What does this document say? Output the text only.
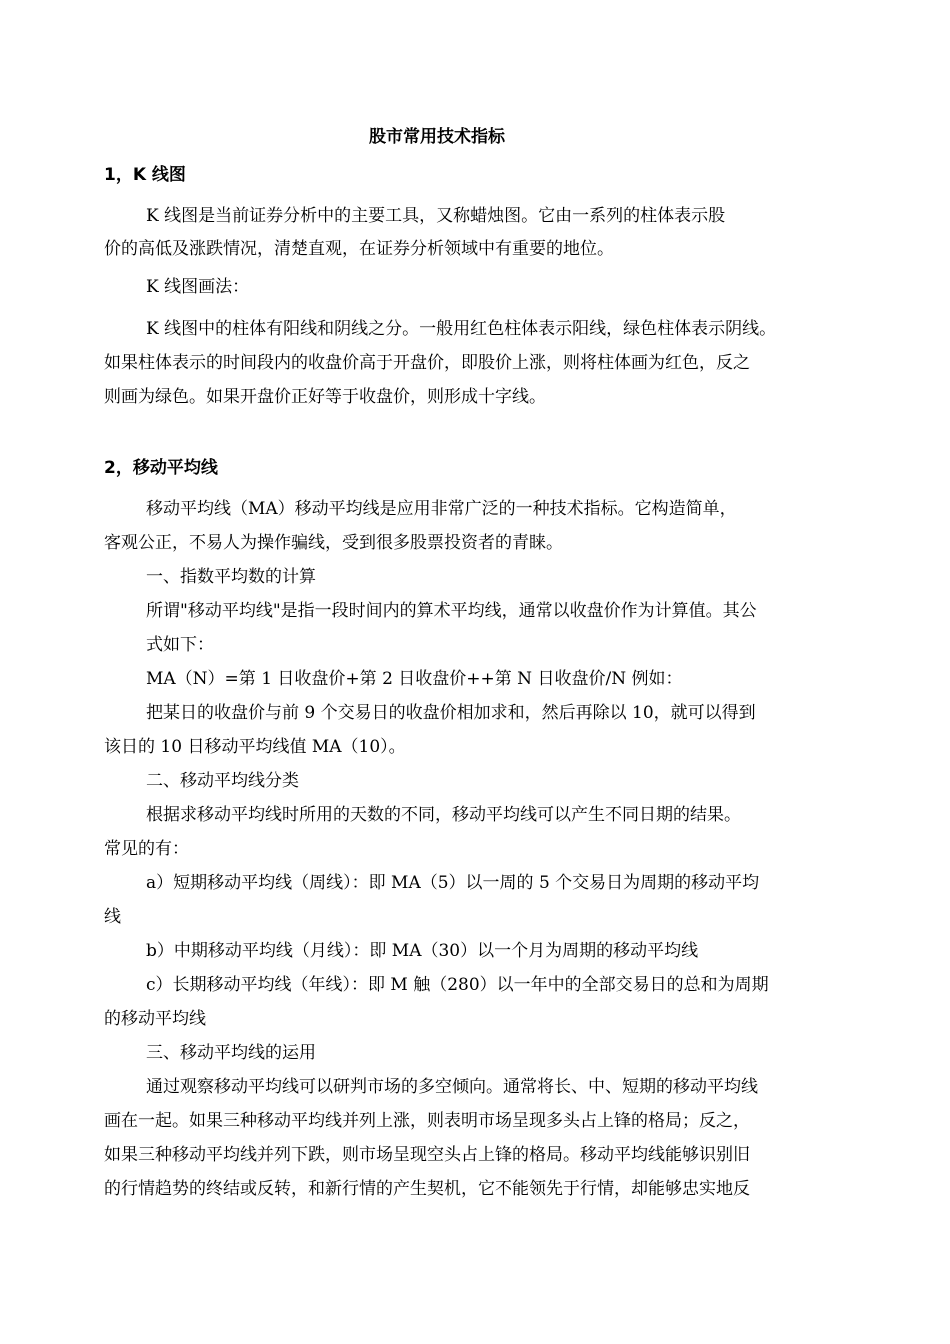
股市常用技术指标
1，K 线图
K 线图是当前证券分析中的主要工具，又称蜡烛图。它由一系列的柱体表示股
价的高低及涨跌情况，清楚直观，在证券分析领域中有重要的地位。
K 线图画法：
K 线图中的柱体有阳线和阴线之分。一般用红色柱体表示阳线，绿色柱体表示阴线。
如果柱体表示的时间段内的收盘价高于开盘价，即股价上涨，则将柱体画为红色，反之
则画为绿色。如果开盘价正好等于收盘价，则形成十字线。
2，移动平均线
移动平均线（MA）移动平均线是应用非常广泛的一种技术指标。它构造简单，
客观公正，不易人为操作骗线，受到很多股票投资者的青睐。
一、指数平均数的计算
所谓"移动平均线"是指一段时间内的算术平均线，通常以收盘价作为计算值。其公
式如下：
MA（N）=第 1 日收盘价+第 2 日收盘价++第 N 日收盘价/N 例如：
把某日的收盘价与前 9 个交易日的收盘价相加求和，然后再除以 10，就可以得到
该日的 10 日移动平均线值 MA（10）。
二、移动平均线分类
根据求移动平均线时所用的天数的不同，移动平均线可以产生不同日期的结果。
常见的有：
a）短期移动平均线（周线）：即 MA（5）以一周的 5 个交易日为周期的移动平均
线
b）中期移动平均线（月线）：即 MA（30）以一个月为周期的移动平均线
c）长期移动平均线（年线）：即 M 触（280）以一年中的全部交易日的总和为周期
的移动平均线
三、移动平均线的运用
通过观察移动平均线可以研判市场的多空倾向。通常将长、中、短期的移动平均线
画在一起。如果三种移动平均线并列上涨，则表明市场呈现多头占上锋的格局；反之，
如果三种移动平均线并列下跌，则市场呈现空头占上锋的格局。移动平均线能够识别旧
的行情趋势的终结或反转，和新行情的产生契机，它不能领先于行情，却能够忠实地反
